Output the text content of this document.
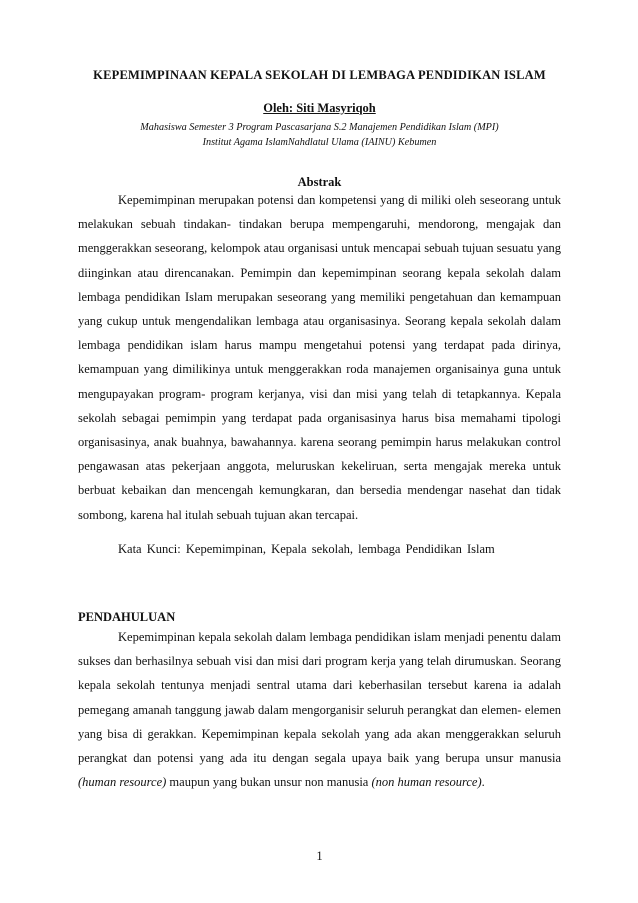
KEPEMIMPINAAN KEPALA SEKOLAH DI LEMBAGA PENDIDIKAN ISLAM
Oleh: Siti Masyriqoh
Mahasiswa Semester 3 Program Pascasarjana S.2 Manajemen Pendidikan Islam (MPI)
Institut Agama IslamNahdlatul Ulama (IAINU) Kebumen
Abstrak

Kepemimpinan merupakan potensi dan kompetensi yang di miliki oleh seseorang untuk melakukan sebuah tindakan- tindakan berupa mempengaruhi, mendorong, mengajak dan menggerakkan seseorang, kelompok atau organisasi untuk mencapai sebuah tujuan sesuatu yang diinginkan atau direncanakan. Pemimpin dan kepemimpinan seorang kepala sekolah dalam lembaga pendidikan Islam merupakan seseorang yang memiliki pengetahuan dan kemampuan yang cukup untuk mengendalikan lembaga atau organisasinya. Seorang kepala sekolah dalam lembaga pendidikan islam harus mampu mengetahui potensi yang terdapat pada dirinya, kemampuan yang dimilikinya untuk menggerakkan roda manajemen organisainya guna untuk mengupayakan program- program kerjanya, visi dan misi yang telah di tetapkannya. Kepala sekolah sebagai pemimpin yang terdapat pada organisasinya harus bisa memahami tipologi organisasinya, anak buahnya, bawahannya. karena seorang pemimpin harus melakukan control pengawasan atas pekerjaan anggota, meluruskan kekeliruan, serta mengajak mereka untuk berbuat kebaikan dan mencengah kemungkaran, dan bersedia mendengar nasehat dan tidak sombong, karena hal itulah sebuah tujuan akan tercapai.

Kata Kunci: Kepemimpinan, Kepala sekolah, lembaga Pendidikan Islam
PENDAHULUAN

Kepemimpinan kepala sekolah dalam lembaga pendidikan islam menjadi penentu dalam sukses dan berhasilnya sebuah visi dan misi dari program kerja yang telah dirumuskan. Seorang kepala sekolah tentunya menjadi sentral utama dari keberhasilan tersebut karena ia adalah pemegang amanah tanggung jawab dalam mengorganisir seluruh perangkat dan elemen- elemen yang bisa di gerakkan. Kepemimpinan kepala sekolah yang ada akan menggerakkan seluruh perangkat dan potensi yang ada itu dengan segala upaya baik yang berupa unsur manusia (human resource) maupun yang bukan unsur non manusia (non human resource).

1
